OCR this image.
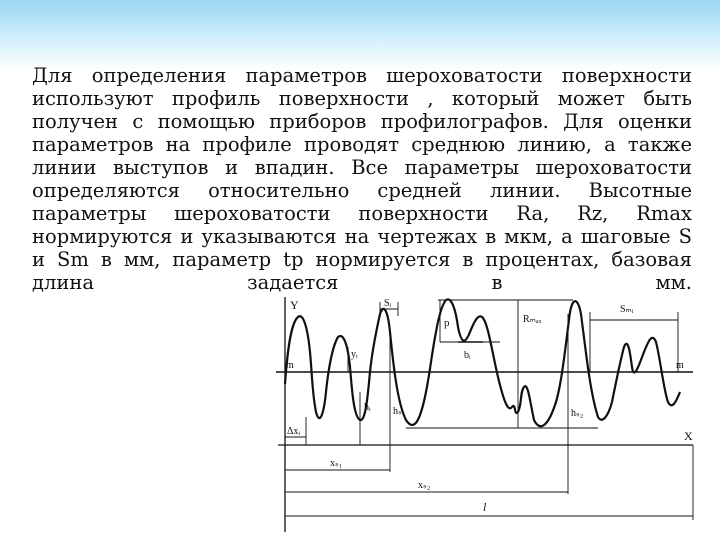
Для определения параметров шероховатости поверхности используют профиль поверхности , который может быть получен с помощью приборов профилографов. Для оценки параметров на профиле проводят среднюю линию, а также линии выступов и впадин. Все параметры шероховатости определяются относительно средней линии. Высотные параметры шероховатости поверхности Ra, Rz, Rmax нормируются и указываются на чертежах в мкм, а шаговые S и Sm в мм, параметр tp нормируется в процентах, базовая длина задается в мм.

Y
X
m	m
Sᵢ
Sₘᵢ
Rₘₐₓ
p
bᵢ
yᵢ
hᵢ hₛ₁	hₛ₂
Δxᵢ
xₛ₁
xₛ₂
l
